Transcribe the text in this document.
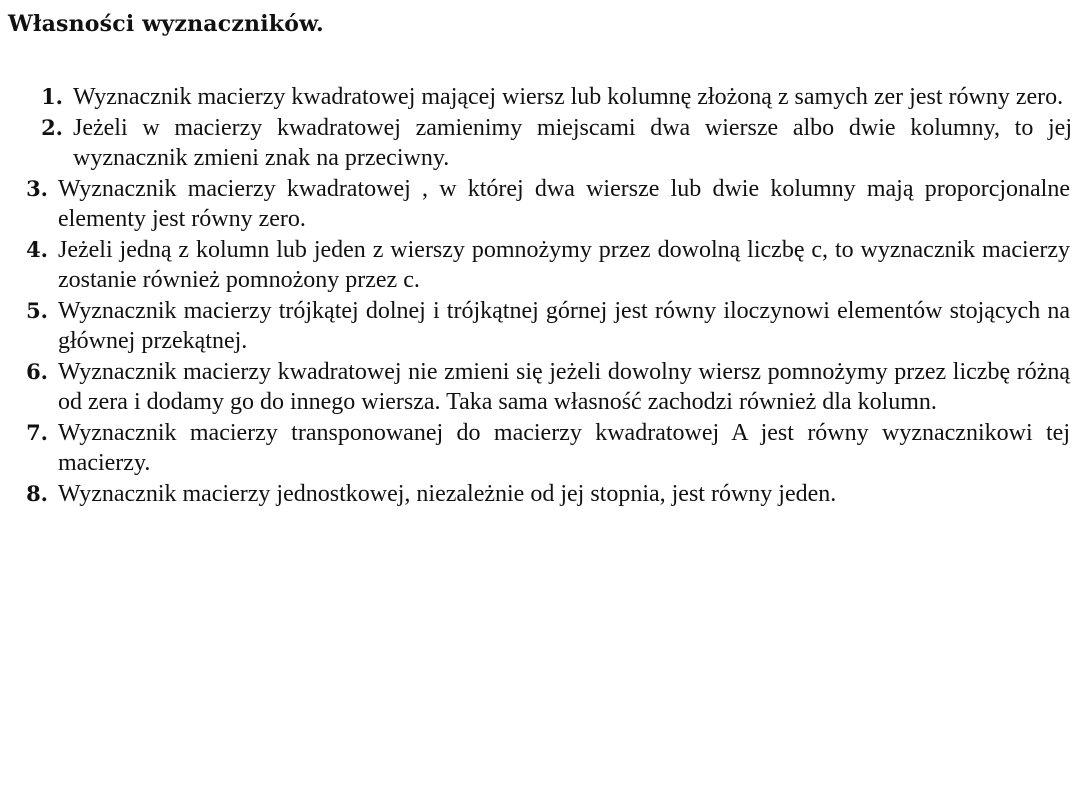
Własności wyznaczników.
1. Wyznacznik macierzy kwadratowej mającej wiersz lub kolumnę złożoną z samych zer jest równy zero.
2. Jeżeli w macierzy kwadratowej zamienimy miejscami dwa wiersze albo dwie kolumny, to jej wyznacznik zmieni znak na przeciwny.
3. Wyznacznik macierzy kwadratowej , w której dwa wiersze lub dwie kolumny mają proporcjonalne elementy jest równy zero.
4. Jeżeli jedną z kolumn lub jeden z wierszy pomnożymy przez dowolną liczbę c, to wyznacznik macierzy zostanie również pomnożony przez c.
5. Wyznacznik macierzy trójkątej dolnej i trójkątnej górnej jest równy iloczynowi elementów stojących na głównej przekątnej.
6. Wyznacznik macierzy kwadratowej nie zmieni się jeżeli dowolny wiersz pomnożymy przez liczbę różną od zera i dodamy go do innego wiersza. Taka sama własność zachodzi również dla kolumn.
7. Wyznacznik macierzy transponowanej do macierzy kwadratowej A jest równy wyznacznikowi tej macierzy.
8. Wyznacznik macierzy jednostkowej, niezależnie od jej stopnia, jest równy jeden.
